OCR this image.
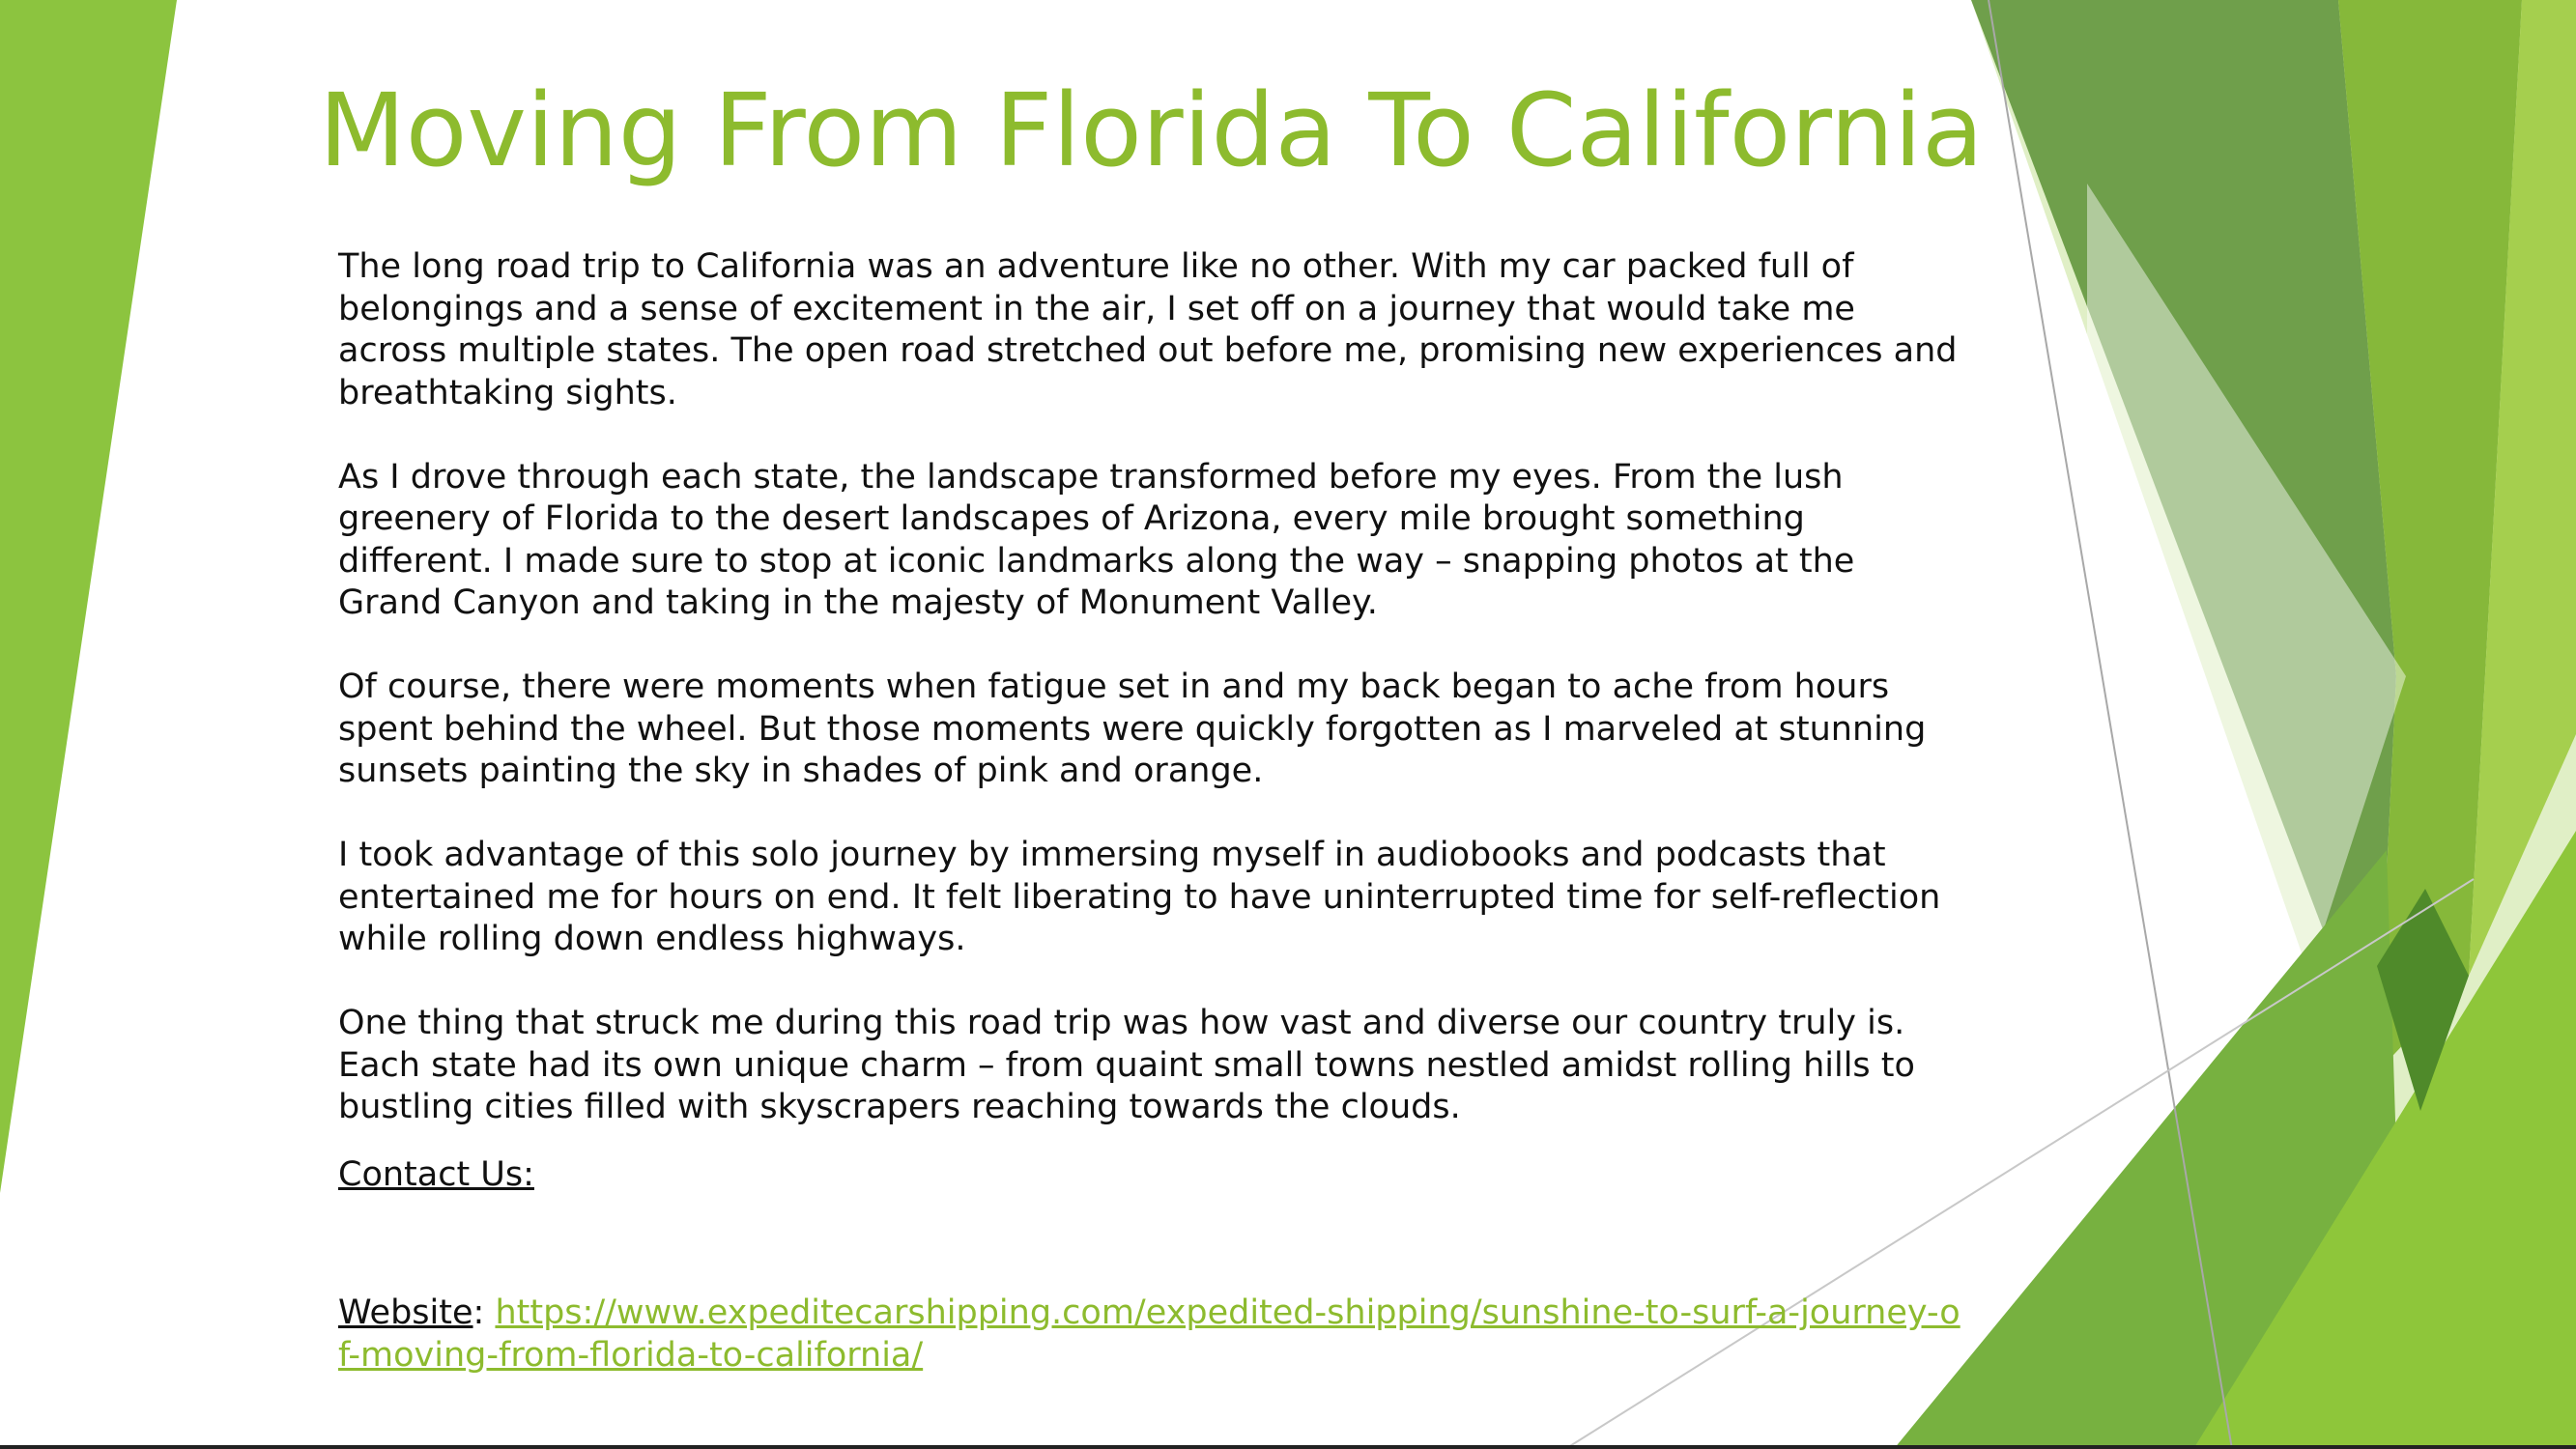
Moving From Florida To California

The long road trip to California was an adventure like no other. With my car packed full of belongings and a sense of excitement in the air, I set off on a journey that would take me across multiple states. The open road stretched out before me, promising new experiences and breathtaking sights.

As I drove through each state, the landscape transformed before my eyes. From the lush greenery of Florida to the desert landscapes of Arizona, every mile brought something different. I made sure to stop at iconic landmarks along the way – snapping photos at the Grand Canyon and taking in the majesty of Monument Valley.

Of course, there were moments when fatigue set in and my back began to ache from hours spent behind the wheel. But those moments were quickly forgotten as I marveled at stunning sunsets painting the sky in shades of pink and orange.

I took advantage of this solo journey by immersing myself in audiobooks and podcasts that entertained me for hours on end. It felt liberating to have uninterrupted time for self-reflection while rolling down endless highways.

One thing that struck me during this road trip was how vast and diverse our country truly is. Each state had its own unique charm – from quaint small towns nestled amidst rolling hills to bustling cities filled with skyscrapers reaching towards the clouds.

Contact Us:

Website: https://www.expeditecarshipping.com/expedited-shipping/sunshine-to-surf-a-journey-of-moving-from-florida-to-california/
